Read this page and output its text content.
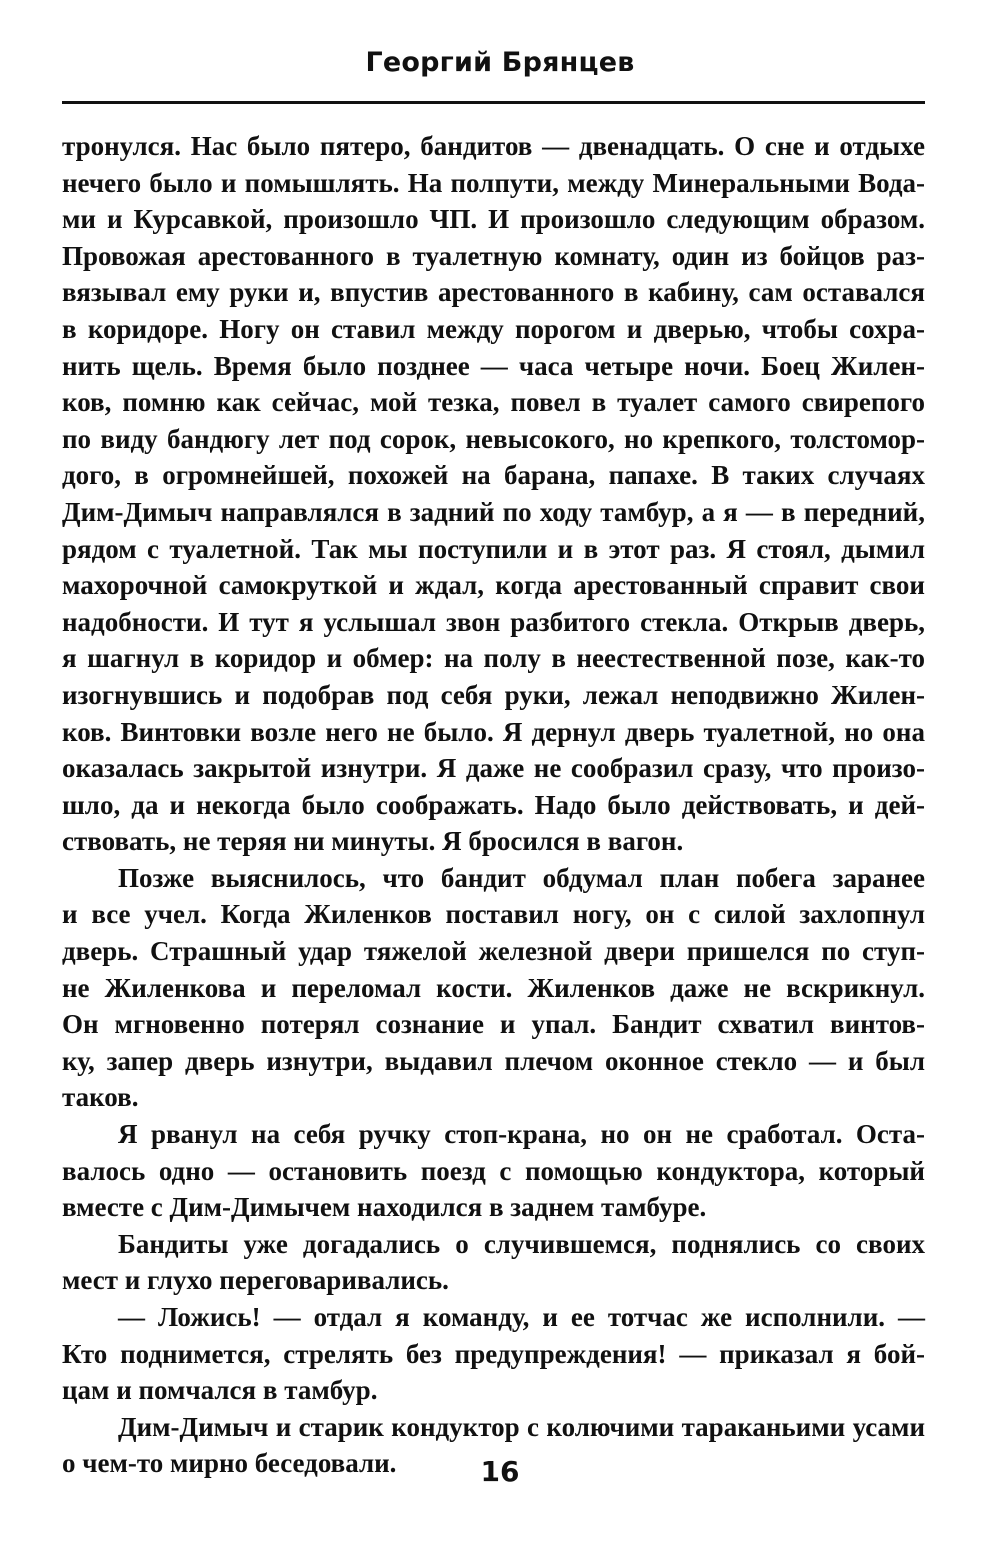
Георгий Брянцев
тронулся. Нас было пятеро, бандитов — двенадцать. О сне и отдыхе
нечего было и помышлять. На полпути, между Минеральными Вода-
ми и Курсавкой, произошло ЧП. И произошло следующим образом.
Провожая арестованного в туалетную комнату, один из бойцов раз-
вязывал ему руки и, впустив арестованного в кабину, сам оставался
в коридоре. Ногу он ставил между порогом и дверью, чтобы сохра-
нить щель. Время было позднее — часа четыре ночи. Боец Жилен-
ков, помню как сейчас, мой тезка, повел в туалет самого свирепого
по виду бандюгу лет под сорок, невысокого, но крепкого, толстомор-
дого, в огромнейшей, похожей на барана, папахе. В таких случаях
Дим-Димыч направлялся в задний по ходу тамбур, а я — в передний,
рядом с туалетной. Так мы поступили и в этот раз. Я стоял, дымил
махорочной самокруткой и ждал, когда арестованный справит свои
надобности. И тут я услышал звон разбитого стекла. Открыв дверь,
я шагнул в коридор и обмер: на полу в неестественной позе, как-то
изогнувшись и подобрав под себя руки, лежал неподвижно Жилен-
ков. Винтовки возле него не было. Я дернул дверь туалетной, но она
оказалась закрытой изнутри. Я даже не сообразил сразу, что произо-
шло, да и некогда было соображать. Надо было действовать, и дей-
ствовать, не теряя ни минуты. Я бросился в вагон.
Позже выяснилось, что бандит обдумал план побега заранее
и все учел. Когда Жиленков поставил ногу, он с силой захлопнул
дверь. Страшный удар тяжелой железной двери пришелся по ступ-
не Жиленкова и переломал кости. Жиленков даже не вскрикнул.
Он мгновенно потерял сознание и упал. Бандит схватил винтов-
ку, запер дверь изнутри, выдавил плечом оконное стекло — и был
таков.
Я рванул на себя ручку стоп-крана, но он не сработал. Оста-
валось одно — остановить поезд с помощью кондуктора, который
вместе с Дим-Димычем находился в заднем тамбуре.
Бандиты уже догадались о случившемся, поднялись со своих
мест и глухо переговаривались.
— Ложись! — отдал я команду, и ее тотчас же исполнили. —
Кто поднимется, стрелять без предупреждения! — приказал я бой-
цам и помчался в тамбур.
Дим-Димыч и старик кондуктор с колючими тараканьими усами
о чем-то мирно беседовали.	16
